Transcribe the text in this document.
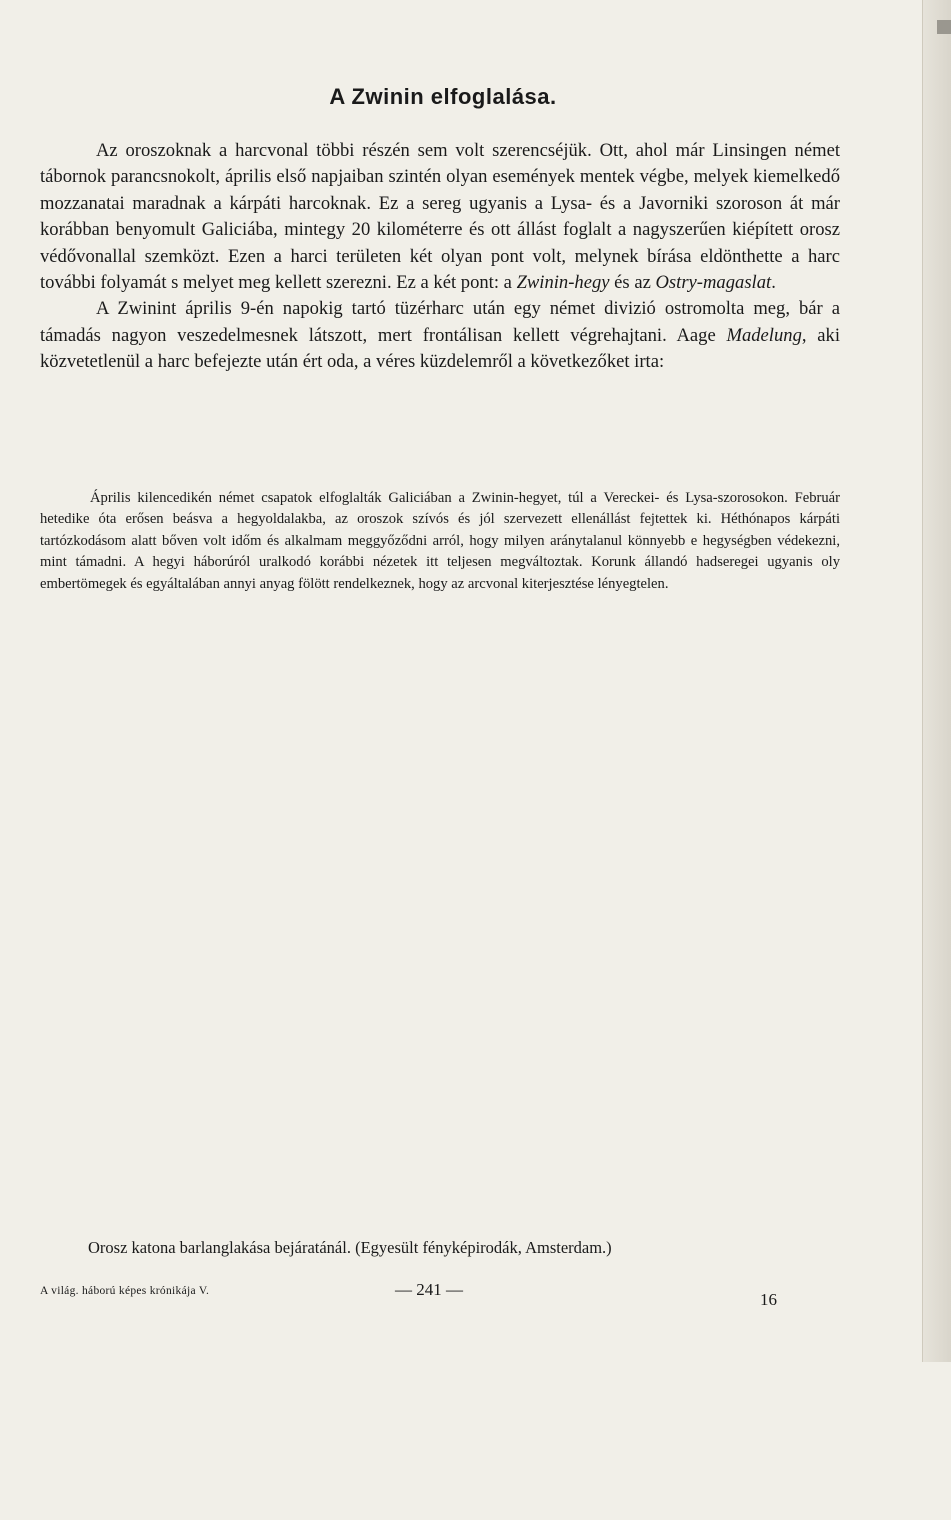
A Zwinin elfoglalása.

Az oroszoknak a harcvonal többi részén sem volt szerencséjük. Ott, ahol már Linsingen német tábornok parancsnokolt, április első napjaiban szintén olyan események mentek végbe, melyek kiemelkedő mozzanatai maradnak a kárpáti harcoknak. Ez a sereg ugyanis a Lysa- és a Javorniki szoroson át már korábban benyomult Galiciába, mintegy 20 kilométerre és ott állást foglalt a nagyszerűen kiépített orosz védővonallal szemközt. Ezen a harci területen két olyan pont volt, melynek bírása eldönthette a harc további folyamát s melyet meg kellett szerezni. Ez a két pont: a Zwinin-hegy és az Ostry-magaslat.

A Zwinint április 9-én napokig tartó tüzérharc után egy német divizió ostromolta meg, bár a támadás nagyon veszedelmesnek látszott, mert frontálisan kellett végrehajtani. Aage Madelung, aki közvetetlenül a harc befejezte után ért oda, a véres küzdelemről a következőket irta:

Április kilencedikén német csapatok elfoglalták Galiciában a Zwinin-hegyet, túl a Vereckei- és Lysa-szorosokon. Február hetedike óta erősen beásva a hegyoldalakba, az oroszok szívós és jól szervezett ellenállást fejtettek ki. Héthónapos kárpáti tartózkodásom alatt bőven volt időm és alkalmam meggyőződni arról, hogy milyen aránytalanul könnyebb e hegységben védekezni, mint támadni. A hegyi háborúról uralkodó korábbi nézetek itt teljesen megváltoztak. Korunk állandó hadseregei ugyanis oly embertömegek és egyáltalában annyi anyag fölött rendelkeznek, hogy az arcvonal kiterjesztése lényegtelen.

Orosz katona barlanglakása bejáratánál. (Egyesült fényképirodák, Amsterdam.)

A világ. háború képes krónikája V.	— 241 —
16
